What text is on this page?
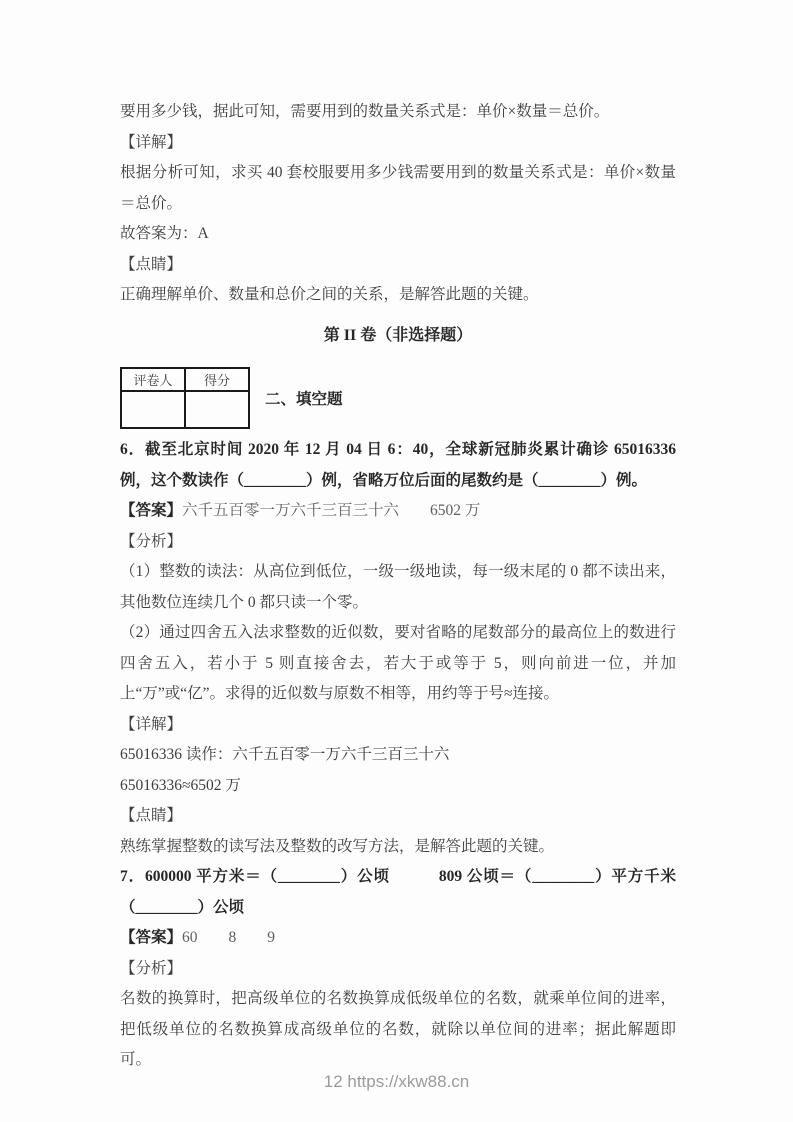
要用多少钱，据此可知，需要用到的数量关系式是：单价×数量＝总价。

【详解】

根据分析可知，求买 40 套校服要用多少钱需要用到的数量关系式是：单价×数量＝总价。

故答案为：A

【点睛】

正确理解单价、数量和总价之间的关系，是解答此题的关键。

第 II 卷（非选择题）

评卷人	得分

二、填空题

6．截至北京时间 2020 年 12 月 04 日 6：40，全球新冠肺炎累计确诊 65016336 例，这个数读作（________）例，省略万位后面的尾数约是（________）例。

【答案】六千五百零一万六千三百三十六　　6502 万

【分析】

（1）整数的读法：从高位到低位，一级一级地读，每一级末尾的 0 都不读出来，其他数位连续几个 0 都只读一个零。

（2）通过四舍五入法求整数的近似数，要对省略的尾数部分的最高位上的数进行四舍五入，若小于 5 则直接舍去，若大于或等于 5，则向前进一位，并加上“万”或“亿”。求得的近似数与原数不相等，用约等于号≈连接。

【详解】

65016336 读作：六千五百零一万六千三百三十六

65016336≈6502 万

【点睛】

熟练掌握整数的读写法及整数的改写方法，是解答此题的关键。

7．600000 平方米＝（________）公顷　　　809 公顷＝（________）平方千米（________）公顷

【答案】60　　8　　9

【分析】

名数的换算时，把高级单位的名数换算成低级单位的名数，就乘单位间的进率，把低级单位的名数换算成高级单位的名数，就除以单位间的进率；据此解题即可。

12 https://xkw88.cn
